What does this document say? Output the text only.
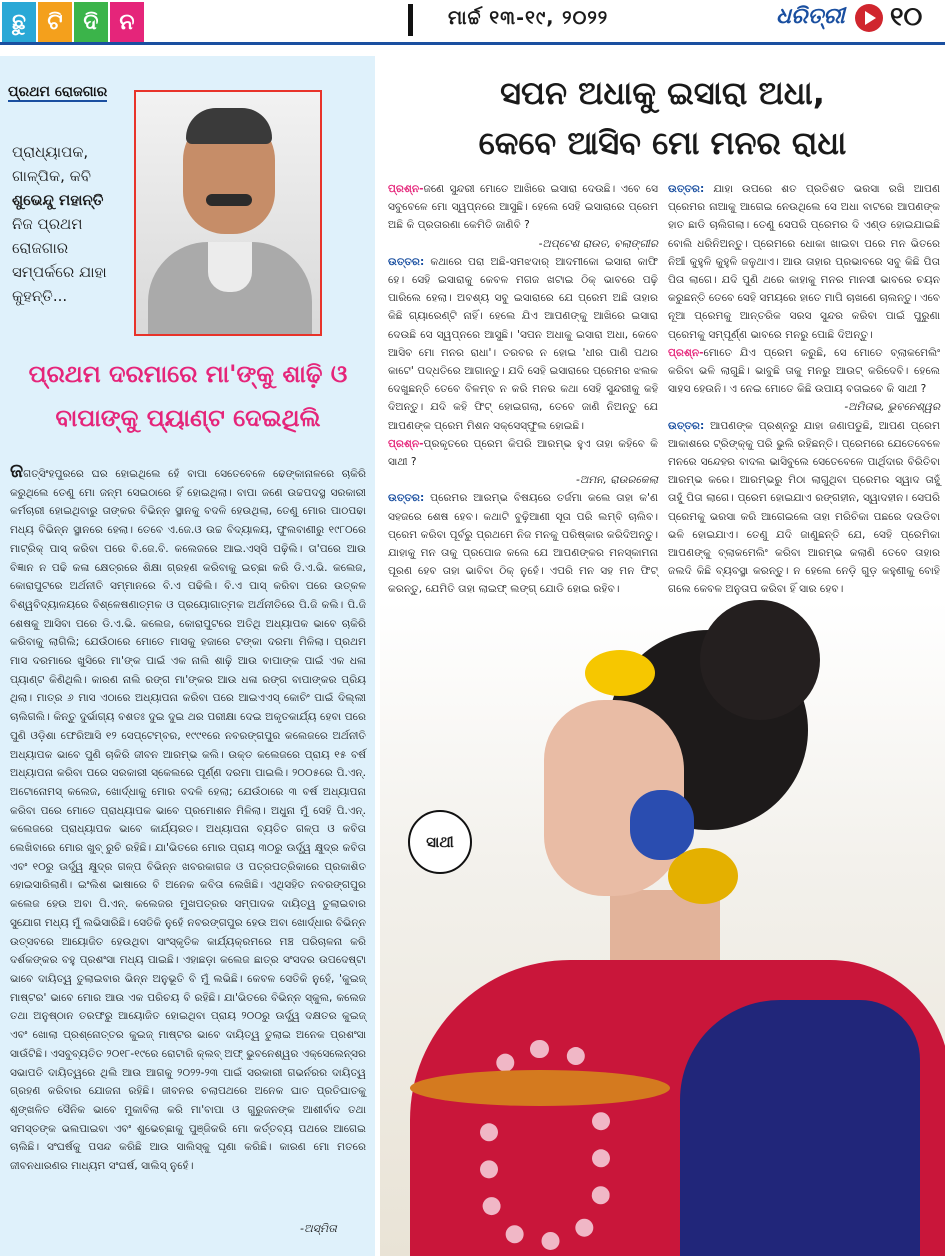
ଛୁ ଟି ଦି ନ	ମାର୍ଚ୍ଚ ୧୩-୧୯, ୨୦୨୨	ଧରିତ୍ରୀ ୧୦
ପ୍ରଥମ ରୋଜଗାର
ପ୍ରାଧ୍ୟାପକ,
ଗାଳ୍ପିକ, କବି
ଶୁଭେନ୍ଦୁ ମହାନ୍ତି
ନିଜ ପ୍ରଥମ ରୋଜଗାର ସମ୍ପର୍କରେ ଯାହା କୁହନ୍ତି...
ପ୍ରଥମ ଦରମାରେ ମା'ଙ୍କୁ ଶାଢ଼ି ଓ ବାପାଙ୍କୁ ପ୍ୟାଣ୍ଟ ଦେଇଥିଲି
ଜଗତ୍‌ସିଂହପୁରରେ ଘର ହୋଇଥିଲେ ହେଁ ବାପା ସେତେବେଳେ ଢେଙ୍କାନାଳରେ ଚାକିରି କରୁଥିଲେ ତେଣୁ ମୋ ଜନ୍ମ ସେଇଠାରେ ହିଁ ହୋଇଥିଲା। ବାପା ଜଣେ ଉଚ୍ଚପଦସ୍ଥ ସରକାରୀ କର୍ମଚାରୀ ହୋଇଥିବାରୁ ତାଙ୍କର ବିଭିନ୍ନ ସ୍ଥାନକୁ ବଦଳି ହେଉଥିଲା, ତେଣୁ ମୋର ପାଠପଢା ମଧ୍ୟ ବିଭିନ୍ନ ସ୍ଥାନରେ ହେଲା। ତେବେ ଏ.ଜେ.ଓ ଉଚ୍ଚ ବିଦ୍ୟାଳୟ, ଫୁଲବାଣୀରୁ ୧୯୮୦ରେ ମାଟ୍ରିକ୍ ପାସ୍ କରିବା ପରେ ବି.ଜେ.ବି. କଲେଜରେ ଆଇ.ଏସ୍‌ସି ପଢ଼ିଲି। ତା'ପରେ ଆଉ ବିଜ୍ଞାନ ନ ପଢି କଳା କ୍ଷେତ୍ରରେ ଶିକ୍ଷା ଗ୍ରହଣ କରିବାକୁ ଇଚ୍ଛା କରି ଡି.ଏ.ଭି. କଲେଜ, କୋରାପୁଟରେ ଅର୍ଥନୀତି ସମ୍ମାନରେ ବି.ଏ ପଢିଲି। ବି.ଏ ପାସ୍ କରିବା ପରେ ଉତ୍କଳ ବିଶ୍ୱବିଦ୍ୟାଳୟରେ ବିଶ୍ଳେଷଣାତ୍ମକ ଓ ପ୍ରୟୋଗାତ୍ମକ ଅର୍ଥନୀତିରେ ପି.ଜି କଲି। ପି.ଜି ଶେଷକୁ ଆସିବା ପରେ ଡି.ଏ.ଭି. କଲେଜ, କୋରାପୁଟରେ ଅତିଥି ଅଧ୍ୟାପକ ଭାବେ ଚାକିରି କରିବାକୁ ଲାଗିଲି; ଯେଉଁଠାରେ ମୋତେ ମାସକୁ ହଜାରେ ଟଙ୍କା ଦରମା ମିଳିଲା। ପ୍ରଥମ ମାସ ଦରମାରେ ଖୁସିରେ ମା'ଙ୍କ ପାଇଁ ଏକ ନାଲି ଶାଢ଼ି ଆଉ ବାପାଙ୍କ ପାଇଁ ଏକ ଧଳା ପ୍ୟାଣ୍ଟ କିଣିଥିଲି। କାରଣ ନାଲି ରଙ୍ଗ ମା'ଙ୍କର ଆଉ ଧଳା ରଙ୍ଗ ବାପାଙ୍କର ପ୍ରିୟ ଥିଲା। ମାତ୍ର ୬ ମାସ ଏଠାରେ ଅଧ୍ୟାପନା କରିବା ପରେ ଆଇଏଏସ୍ କୋଚିଂ ପାଇଁ ଦିଲ୍ଲୀ ଚାଲିଗଲି। କିନ୍ତୁ ଦୁର୍ଭାଗ୍ୟ ବଶତଃ ଦୁଇ ଦୁଇ ଥର ପରୀକ୍ଷା ଦେଇ ଅକୃତକାର୍ଯ୍ୟ ହେବା ପରେ ପୁଣି ଓଡ଼ିଶା ଫେରିଆସି ୧୨ ସେପ୍ଟେମ୍ବର, ୧୯୯୧ରେ ନବରଙ୍ଗପୁର କଲେଜରେ ଅର୍ଥନୀତି ଅଧ୍ୟାପକ ଭାବେ ପୁଣି ଚାକିରି ଜୀବନ ଆରମ୍ଭ କଲି। ଉକ୍ତ କଲେଜରେ ପ୍ରାୟ ୧୫ ବର୍ଷ ଅଧ୍ୟାପନା କରିବା ପରେ ସରକାରୀ ସ୍କେଲରେ ପୂର୍ଣ୍ଣ ଦରମା ପାଇଲି। ୨୦୦୫ରେ ପି.ଏନ୍. ଅଟୋନୋମସ୍ କଲେଜ, ଖୋର୍ଦ୍ଧାକୁ ମୋର ବଦଳି ହେଲା; ଯେଉଁଠାରେ ୩ ବର୍ଷ ଅଧ୍ୟାପନା କରିବା ପରେ ମୋତେ ପ୍ରାଧ୍ୟାପକ ଭାବେ ପ୍ରମୋଶନ ମିଳିଲା। ଅଧୁନା ମୁଁ ସେହି ପି.ଏନ୍. କଲେଜରେ ପ୍ରାଧ୍ୟାପକ ଭାବେ କାର୍ଯ୍ୟରତ। ଅଧ୍ୟାପନା ବ୍ୟତିତ ଗଳ୍ପ ଓ କବିତା ଲେଖିବାରେ ମୋର ଖୁବ୍ ରୁଚି ରହିଛି। ଯା'ଭିତରେ ମୋର ପ୍ରାୟ ୩୦ରୁ ଊର୍ଦ୍ଧ୍ୱ କ୍ଷୁଦ୍ର କବିତା ଏବଂ ୧୦ରୁ ଊର୍ଦ୍ଧ୍ୱ କ୍ଷୁଦ୍ର ଗଳ୍ପ ବିଭିନ୍ନ ଖବରକାଗଜ ଓ ପତ୍ରପତ୍ରିକାରେ ପ୍ରକାଶିତ ହୋଇସାରିଲାଣି। ଇଂଲିଶ ଭାଷାରେ ବି ଅନେକ କବିତା ଲେଖିଛି। ଏଥିସହିତ ନବରଙ୍ଗପୁର କଲେଜ ହେଉ ଅବା ପି.ଏନ୍. କଲେଜର ମୁଖପତ୍ରର ସମ୍ପାଦକ ଦାୟିତ୍ୱ ତୁଲାଇବାର ସୁଯୋଗ ମଧ୍ୟ ମୁଁ ଲଭିସାରିଛି। ସେତିକି ନୁହେଁ ନବରଙ୍ଗପୁର ହେଉ ଅବା ଖୋର୍ଦ୍ଧାର ବିଭିନ୍ନ ଉତ୍ସବରେ ଆୟୋଜିତ ହେଉଥିବା ସାଂସ୍କୃତିକ କାର୍ଯ୍ୟକ୍ରମରେ ମଞ୍ଚ ପରିଚାଳନା କରି ଦର୍ଶକଙ୍କର ବହୁ ପ୍ରଶଂସା ମଧ୍ୟ ପାଇଛି। ଏହାଛଡ଼ା କଲେଜ ଛାତ୍ର ସଂସଦର ଉପଦେଷ୍ଟା ଭାବେ ଦାୟିତ୍ୱ ତୁଲାଇବାର ଭିନ୍ନ ଅନୁଭୂତି ବି ମୁଁ ଲଭିଛି। କେବଳ ସେତିକି ନୁହେଁ, 'କୁଇଜ୍ ମାଷ୍ଟର' ଭାବେ ମୋର ଆଉ ଏକ ପରିଚୟ ବି ରହିଛି। ଯା'ଭିତରେ ବିଭିନ୍ନ ସ୍କୁଲ, କଲେଜ ତଥା ଅନୁଷ୍ଠାନ ତରଫରୁ ଆୟୋଜିତ ହୋଇଥିବା ପ୍ରାୟ ୨୦୦ରୁ ଊର୍ଦ୍ଧ୍ୱ ଦକ୍ଷତର କୁଇଜ୍ ଏବଂ ଖୋଲା ପ୍ରଶ୍ନୋତ୍ତର କୁଇଜ୍ ମାଷ୍ଟର ଭାବେ ଦାୟିତ୍ୱ ତୁଲାଇ ଅନେକ ପ୍ରଶଂସା ସାଉଁଟିଛି। ଏସବୁବ୍ୟତିତ ୨୦୧୮-୧୯ରେ ରୋଟାରି କ୍ଲବ୍ ଅଫ୍ ଭୁବନେଶ୍ୱର ଏକ୍ସେଲେନ୍ସର ସଭାପତି ଦାୟିତ୍ୱରେ ଥିଲି ଆଉ ଆଗକୁ ୨୦୨୨-୨୩ ପାଇଁ ସରକାରୀ ଗଭର୍ନରର ଦାୟିତ୍ୱ ଗ୍ରହଣ କରିବାର ଯୋଜନା ରହିଛି। ଜୀବନର ଚଲାପଥରେ ଅନେକ ଘାତ ପ୍ରତିଘାତକୁ ଶୃଙ୍ଖଳିତ ସୈନିକ ଭାବେ ମୁକାବିଲା କରି ମା'ବାପା ଓ ଗୁରୁଜନଙ୍କ ଆଶୀର୍ବାଦ ତଥା ସମସ୍ତଙ୍କ ଭଲପାଇବା ଏବଂ ଶୁଭେଚ୍ଛାକୁ ପୁଞ୍ଜିକରି ମୋ କର୍ତ୍ତବ୍ୟ ପଥରେ ଆଗେଇ ଚାଲିଛି। ସଂଘର୍ଷକୁ ପସନ୍ଦ କରିଛି ଆଉ ସାଲିସ୍‌କୁ ଘୃଣା କରିଛି। କାରଣ ମୋ ମତରେ ଜୀବନଧାରଣର ମାଧ୍ୟମ ସଂଘର୍ଷ, ସାଲିସ୍ ନୁହେଁ।
-ଅସ୍ମିତା
ସପନ ଅଧାକୁ ଇସାରା ଅଧା,
କେବେ ଆସିବ ମୋ ମନର ରାଧା
ପ୍ରଶ୍ନ-ଜଣେ ସୁନ୍ଦରୀ ମୋତେ ଆଖିରେ ଇସାରା ଦେଉଛି। ଏବେ ସେ ସବୁବେଳେ ମୋ ସ୍ୱପ୍ନରେ ଆସୁଛି। ହେଲେ ସେହି ଇସାରାରେ ପ୍ରେମ ଅଛି କି ପ୍ରତାରଣା କେମିତି ଜାଣିବି ?
-ଅପ୍ଟେଶ ରାଉତ, ବଲାଙ୍ଗୀର
ଉତ୍ତର: କଥାରେ ପରା ଅଛି-ସମଝଦାର୍ ଆଦମୀକୋ ଇସାରା କାଫି ହେ। ସେହି ଇସାରାକୁ କେବଳ ମଗଜ ଖଟାଇ ଠିକ୍ ଭାବରେ ପଢ଼ି ପାରିଲେ ହେଲା। ଅବଶ୍ୟ ସବୁ ଇସାରାରେ ଯେ ପ୍ରେମ ଅଛି ତାହାର କିଛି ଗ୍ୟାରେଣ୍ଟି ନାହିଁ। ହେଲେ ଯିଏ ଆପଣଙ୍କୁ ଆଖିରେ ଇସାରା ଦେଉଛି ସେ ସ୍ୱପ୍ନରେ ଆସୁଛି। 'ସପନ ଅଧାକୁ ଇସାରା ଅଧା, କେବେ ଆସିବ ମୋ ମନର ରାଧା'। ତରବର ନ ହୋଇ 'ଧୀର ପାଣି ପଥର କାଟେ' ପଦ୍ଧତିରେ ଆଗାନ୍ତୁ। ଯଦି ସେହି ଇସାରାରେ ପ୍ରେମର ଝଲକ ଦେଖୁଛନ୍ତି ତେବେ ବିଳମ୍ବ ନ କରି ମନର କଥା ସେହି ସୁନ୍ଦରୀକୁ କହି ଦିଅନ୍ତୁ। ଯଦି କହି ଫିଟ୍ ହୋଇଗଲା, ତେବେ ଜାଣି ନିଅନ୍ତୁ ଯେ ଆପଣଙ୍କ ପ୍ରେମ ମିଶନ ସକ୍‌ସେସ୍‌ଫୁଲ ହୋଇଛି।
ପ୍ରଶ୍ନ-ପ୍ରକୃତରେ ପ୍ରେମ କିପରି ଆରମ୍ଭ ହୁଏ ତାହା କହିବେ କି ସାଥୀ ?
-ଅମନ, ରାଉରକେଲା
ଉତ୍ତର: ପ୍ରେମର ଆରମ୍ଭ ବିଷୟରେ ତର୍ଜମା କଲେ ତାହା କ'ଣ ସହଜରେ ଶେଷ ହେବ। କଥାଟି ବୁଢ଼ିଆଣୀ ସୂତା ପରି ଲମ୍ବି ଚାଲିବ। ପ୍ରେମ କରିବା ପୂର୍ବରୁ ପ୍ରଥମେ ନିଜ ମନକୁ ପରିଷ୍କାର କରିଦିଅନ୍ତୁ। ଯାହାକୁ ମନ ତାକୁ ପ୍ରପୋଜ କଲେ ଯେ ଆପଣଙ୍କର ମନସ୍କାମନା ପୂରଣ ହେବ ତାହା ଭାବିବା ଠିକ୍ ନୁହେଁ। ଏପରି ମନ ସହ ମନ ଫିଟ୍ କରନ୍ତୁ, ଯେମିତି ତାହା ଲାଇଫ୍ ଲଙ୍ଗ୍ ଯୋଡି ହୋଇ ରହିବ।

ଉତ୍ତର: ଯାହା ଉପରେ ଶତ ପ୍ରତିଶତ ଭରସା ରଖି ଆପଣ ପ୍ରେମର ନାଆକୁ ଆଗେଇ ନେଉଥିଲେ ସେ ଅଧା ବାଟରେ ଆପଣଙ୍କ ହାତ ଛାଡି ଚାଲିଗଲା। ତେଣୁ ସେପରି ପ୍ରେମର ଦି ଏଣ୍ଡ ହୋଇଯାଇଛି ବୋଲି ଧରିନିଅନ୍ତୁ। ପ୍ରେମରେ ଧୋକା ଖାଇବା ପରେ ମନ ଭିତରେ ନିଆଁ କୁହୁଳି କୁହୁଳି ଜଳୁଥାଏ। ଆଉ ତାହାର ପ୍ରଭାବରେ ସବୁ କିଛି ପିତା ପିତା ଲାଗେ। ଯଦି ପୁଣି ଥରେ କାହାକୁ ମନର ମାନସୀ ଭାବରେ ଚୟନ କରୁଛନ୍ତି ତେବେ ସେହି ସମୟରେ ହାତେ ମାପି ଚାଖଣେ ଚାଲନ୍ତୁ। ଏବେ ନୂଆ ପ୍ରେମକୁ ଆନ୍ତରିକ ସରସ ସୁନ୍ଦର କରିବା ପାଇଁ ପୁରୁଣା ପ୍ରେମକୁ ସମ୍ପୂର୍ଣ୍ଣ ଭାବରେ ମନରୁ ପୋଛି ଦିଅନ୍ତୁ।
ପ୍ରଶ୍ନ-ମୋତେ ଯିଏ ପ୍ରେମ କରୁଛି, ସେ ମୋତେ ବ୍ଲାକମେଲିଂ କରିବା ଭଳି ଲାଗୁଛି। ଭାବୁଛି ତାକୁ ମନରୁ ଆଉଟ୍ କରିଦେବି। ହେଲେ ସାହସ ହେଉନି। ଏ ନେଇ ମୋତେ କିଛି ଉପାୟ ବତାଇବେ କି ସାଥୀ ?
-ଅମିତାଭ, ଭୁବନେଶ୍ୱର
ଉତ୍ତର: ଆପଣଙ୍କ ପ୍ରଶ୍ନରୁ ଯାହା ଜଣାପଡୁଛି, ଆପଣ ପ୍ରେମ ଆକାଶରେ ଟ୍ରିଙ୍କ୍‌କୁ ପରି ଭୁଲି ରହିଛନ୍ତି। ପ୍ରେମରେ ଯେତେବେଳେ ମନରେ ସନ୍ଦେହର ବାଦଲ ଭାସିବୁଲେ ସେତେବେଳେ ପାର୍ଥିଦାର ବିରିତିବା ଆରମ୍ଭ କରେ। ଆରମ୍ଭରୁ ମିଠା ଲାଗୁଥିବା ପ୍ରେମର ସ୍ୱାଦ ତାହୁଁ ତାହୁଁ ପିତା ଲାଗେ। ପ୍ରେମ ହୋଇଯାଏ ରଙ୍ଗହୀନ, ସ୍ୱାଦହୀନ। ସେପରି ପ୍ରେମକୁ ଭରସା କରି ଆଗେଇଲେ ତାହା ମରିଚିକା ପଛରେ ଦଉଡିବା ଭଳି ହୋଇଯାଏ। ତେଣୁ ଯଦି ଜାଣୁଛନ୍ତି ଯେ, ସେହି ପ୍ରେମିକା ଆପଣଙ୍କୁ ବ୍ଲାକମେଲିଂ କରିବା ଆରମ୍ଭ କଲାଣି ତେବେ ତାହାର ଜଲଦି କିଛି ବ୍ୟବସ୍ଥା କରନ୍ତୁ। ନ ହେଲେ ନେଡ଼ି ଗୁଡ଼ କହୁଣୀକୁ ବୋହି ଗଲେ କେବଳ ଅନୁତାପ କରିବା ହିଁ ସାର ହେବ।
ସାଥୀ
